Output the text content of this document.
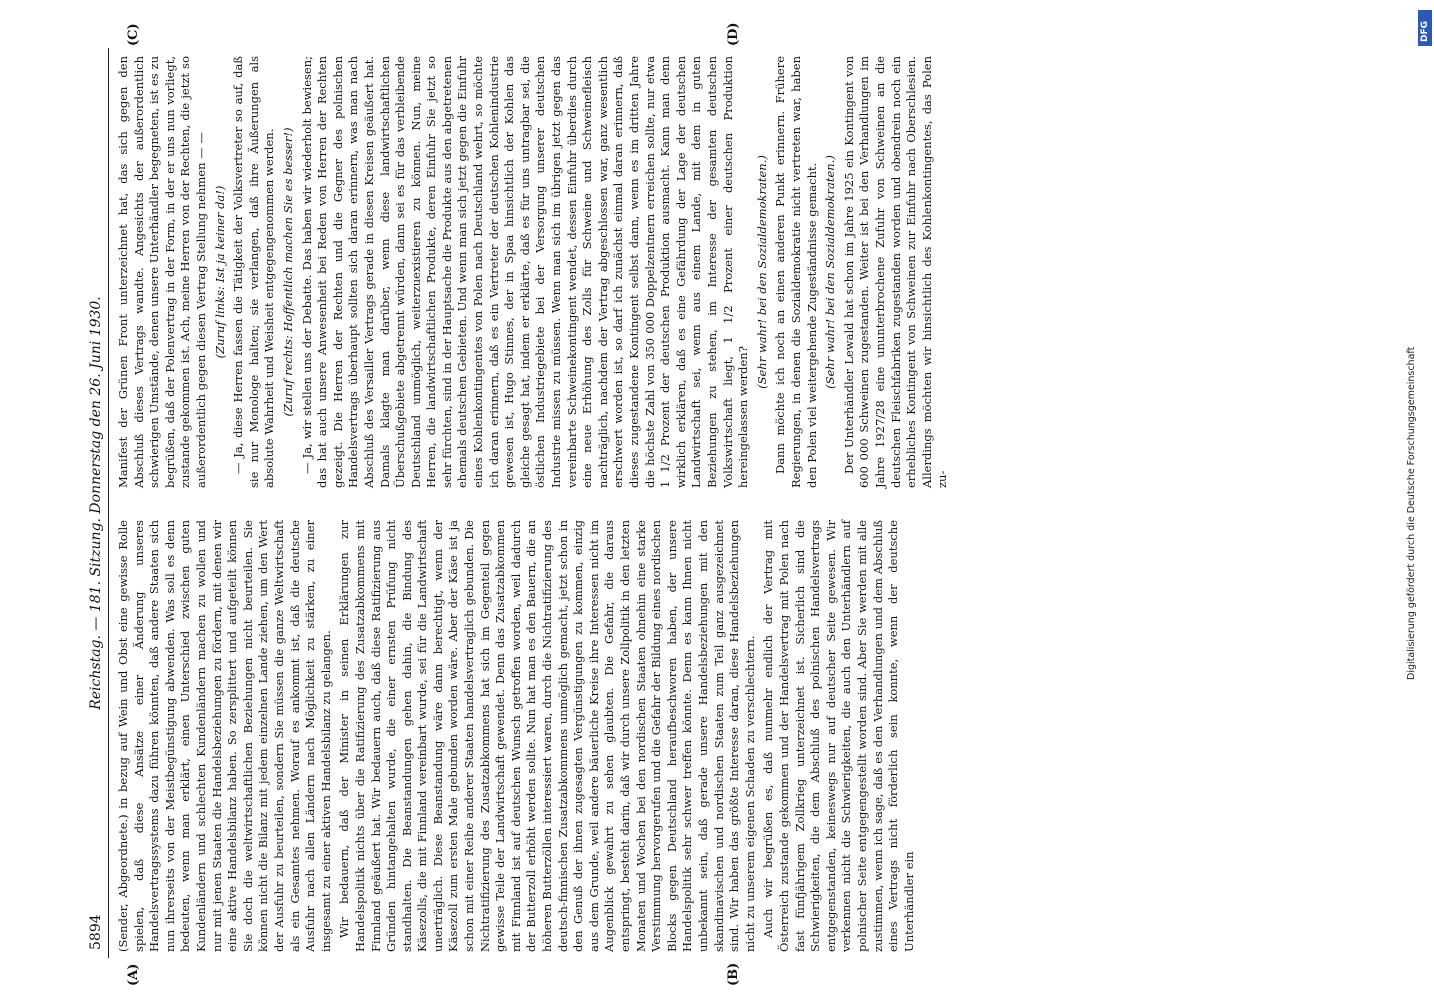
5894
Reichstag. — 181. Sitzung. Donnerstag den 26. Juni 1930.
(A)	(B)
(C)	(D)

(Sender, Abgeordnete.) in bezug auf Wein und Obst eine gewisse Rolle spielen, daß diese Ansätze einer Änderung unseres Handelsvertragssystems dazu führen könnten, daß andere Staaten sich nun ihrerseits von der Meistbegünstigung abwenden. Was soll es denn bedeuten, wenn man erklärt, einen Unterschied zwischen guten Kundenländern und schlechten Kundenländern machen zu wollen und nur mit jenen Staaten die Handelsbeziehungen zu fördern, mit denen wir eine aktive Handelsbilanz haben. So zersplittert und aufgeteilt können Sie doch die weltwirtschaftlichen Beziehungen nicht beurteilen. Sie können nicht die Bilanz mit jedem einzelnen Lande ziehen, um den Wert der Ausfuhr zu beurteilen, sondern Sie müssen die ganze Weltwirtschaft als ein Gesamtes nehmen. Worauf es ankommt ist, daß die deutsche Ausfuhr nach allen Ländern nach Möglichkeit zu stärken, zu einer insgesamt zu einer aktiven Handelsbilanz zu gelangen. Wir bedauern, daß der Minister in seinen Erklärungen zur Handelspolitik nichts über die Ratifizierung des Zusatzabkommens mit Finnland geäußert hat. Wir bedauern auch, daß diese Ratifizierung aus Gründen hintangehalten wurde, die einer ernsten Prüfung nicht standhalten. Die Beanstandungen gehen dahin, die Bindung des Käsezolls, die mit Finnland vereinbart wurde, sei für die Landwirtschaft unerträglich. Diese Beanstandung wäre dann berechtigt, wenn der Käsezoll zum ersten Male gebunden worden wäre. Aber der Käse ist ja schon mit einer Reihe anderer Staaten handelsvertraglich gebunden. Die Nichtratifizierung des Zusatzabkommens hat sich im Gegenteil gegen gewisse Teile der Landwirtschaft gewendet. Denn das Zusatzabkommen mit Finnland ist auf deutschen Wunsch getroffen worden, weil dadurch der Butterzoll erhöht werden sollte. Nun hat man es den Bauern, die an höheren Butterzöllen interessiert waren, durch die Nichtratifizierung des deutsch-finnischen Zusatzabkommens unmöglich gemacht, jetzt schon in den Genuß der ihnen zugesagten Vergünstigungen zu kommen, einzig aus dem Grunde, weil andere bäuerliche Kreise ihre Interessen nicht im Augenblick gewahrt zu sehen glaubten. Die Gefahr, die daraus entspringt, besteht darin, daß wir durch unsere Zollpolitik in den letzten Monaten und Wochen bei den nordischen Staaten ohnehin eine starke Verstimmung hervorgerufen und die Gefahr der Bildung eines nordischen Blocks gegen Deutschland heraufbeschworen haben, der unsere Handelspolitik sehr schwer treffen könnte. Denn es kann Ihnen nicht unbekannt sein, daß gerade unsere Handelsbeziehungen mit den skandinavischen und nordischen Staaten zum Teil ganz ausgezeichnet sind. Wir haben das größte Interesse daran, diese Handelsbeziehungen nicht zu unserem eigenen Schaden zu verschlechtern. Auch wir begrüßen es, daß nunmehr endlich der Vertrag mit Österreich zustande gekommen und der Handelsvertrag mit Polen nach fast fünfjährigem Zollkrieg unterzeichnet ist. Sicherlich sind die Schwierigkeiten, die dem Abschluß des polnischen Handelsvertrags entgegenstanden, keineswegs nur auf deutscher Seite gewesen. Wir verkennen nicht die Schwierigkeiten, die auch den Unterhändlern auf polnischer Seite entgegengestellt worden sind. Aber Sie werden mit alle zustimmen, wenn ich sage, daß es den Verhandlungen und dem Abschluß eines Vertrags nicht förderlich sein konnte, wenn der deutsche Unterhändler ein

Manifest der Grünen Front unterzeichnet hat, das sich gegen den Abschluß dieses Vertrags wandte. Angesichts der außerordentlich schwierigen Umstände, denen unsere Unterhändler begegneten, ist es zu begrüßen, daß der Polenvertrag in der Form, in der er uns nun vorliegt, zustande gekommen ist. Ach, meine Herren von der Rechten, die jetzt so außerordentlich gegen diesen Vertrag Stellung nehmen — — (Zuruf links: Ist ja keiner da!) — Ja, diese Herren fassen die Tätigkeit der Volksvertreter so auf, daß sie nur Monologe halten; sie verlangen, daß ihre Äußerungen als absolute Wahrheit und Weisheit entgegengenommen werden. (Zuruf rechts: Hoffentlich machen Sie es besser!) — Ja, wir stellen uns der Debatte. Das haben wir wiederholt bewiesen; das hat auch unsere Anwesenheit bei Reden von Herren der Rechten gezeigt. Die Herren der Rechten und die Gegner des polnischen Handelsvertrags überhaupt sollten sich daran erinnern, was man nach Abschluß des Versailler Vertrags gerade in diesen Kreisen geäußert hat. Damals klagte man darüber, wenn diese landwirtschaftlichen Überschußgebiete abgetrennt würden, dann sei es für das verbleibende Deutschland unmöglich, weiterzuexistieren zu können. Nun, meine Herren, die landwirtschaftlichen Produkte, deren Einfuhr Sie jetzt so sehr fürchten, sind in der Hauptsache die Produkte aus den abgetretenen ehemals deutschen Gebieten. Und wenn man sich jetzt gegen die Einfuhr eines Kohlenkontingentes von Polen nach Deutschland wehrt, so möchte ich daran erinnern, daß es ein Vertreter der deutschen Kohlenindustrie gewesen ist, Hugo Stinnes, der in Spaa hinsichtlich der Kohlen das gleiche gesagt hat, indem er erklärte, daß es für uns untragbar sei, die östlichen Industriegebiete bei der Versorgung unserer deutschen Industrie missen zu müssen. Wenn man sich im übrigen jetzt gegen das vereinbarte Schweinekontingent wendet, dessen Einfuhr überdies durch eine neue Erhöhung des Zolls für Schweine und Schweinefleisch nachträglich, nachdem der Vertrag abgeschlossen war, ganz wesentlich erschwert worden ist, so darf ich zunächst einmal daran erinnern, daß dieses zugestandene Kontingent selbst dann, wenn es im dritten Jahre die höchste Zahl von 350 000 Doppelzentnern erreichen sollte, nur etwa 1 1/2 Prozent der deutschen Produktion ausmacht. Kann man denn wirklich erklären, daß es eine Gefährdung der Lage der deutschen Landwirtschaft sei, wenn aus einem Lande, mit dem in guten Beziehungen zu stehen, im Interesse der gesamten deutschen Volkswirtschaft liegt, 1 1/2 Prozent einer deutschen Produktion hereingelassen werden?

(Sehr wahr! bei den Sozialdemokraten.) Dann möchte ich noch an einen anderen Punkt erinnern. Frühere Regierungen, in denen die Sozialdemokratie nicht vertreten war, haben den Polen viel weitergehende Zugeständnisse gemacht. (Sehr wahr! bei den Sozialdemokraten.) Der Unterhändler Lewald hat schon im Jahre 1925 ein Kontingent von 600 000 Schweinen zugestanden. Weiter ist bei den Verhandlungen im Jahre 1927/28 eine ununterbrochene Zufuhr von Schweinen an die deutschen Fleischfabriken zugestanden worden und obendrein noch ein erhebliches Kontingent von Schweinen zur Einfuhr nach Oberschlesien. Allerdings möchten wir hinsichtlich des Kohlenkontingentes, das Polen zu-	Digitalisierung gefördert durch die Deutsche Forschungsgemeinschaft
DFG
